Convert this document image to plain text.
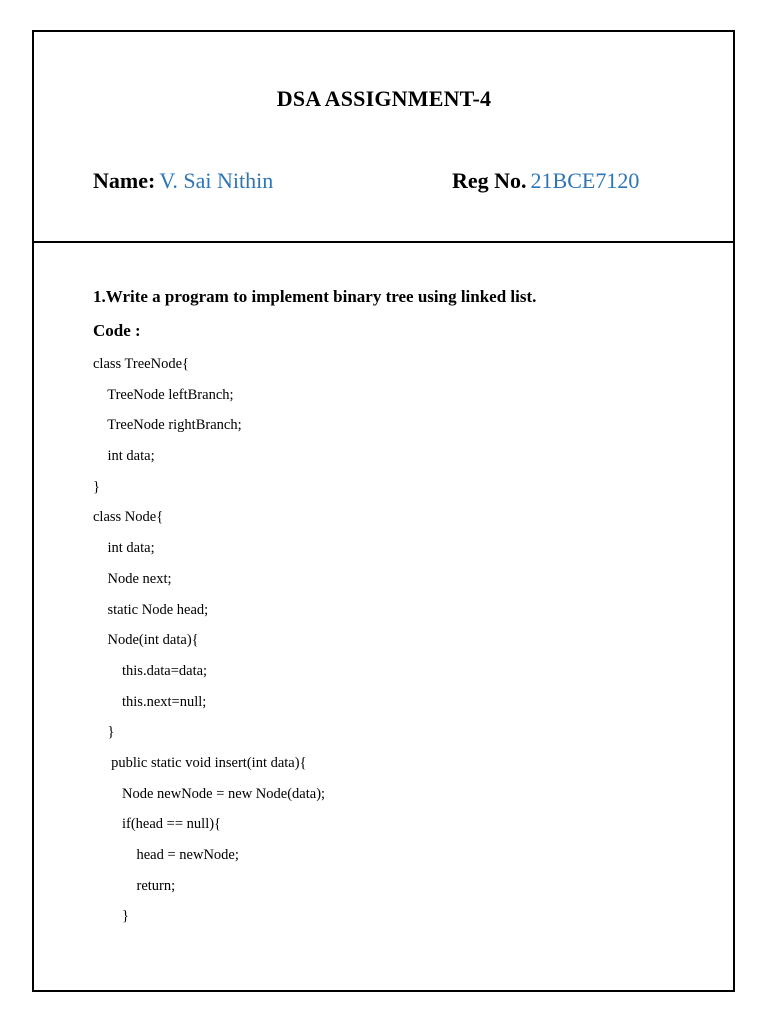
DSA ASSIGNMENT-4
Name: V. Sai Nithin	Reg No. 21BCE7120
1.Write a program to implement binary tree using linked list.
Code :
class TreeNode{
TreeNode leftBranch;
TreeNode rightBranch;
int data;
}
class Node{
int data;
Node next;
static Node head;
Node(int data){
this.data=data;
this.next=null;
}
public static void insert(int data){
Node newNode = new Node(data);
if(head == null){
head = newNode;
return;
}
